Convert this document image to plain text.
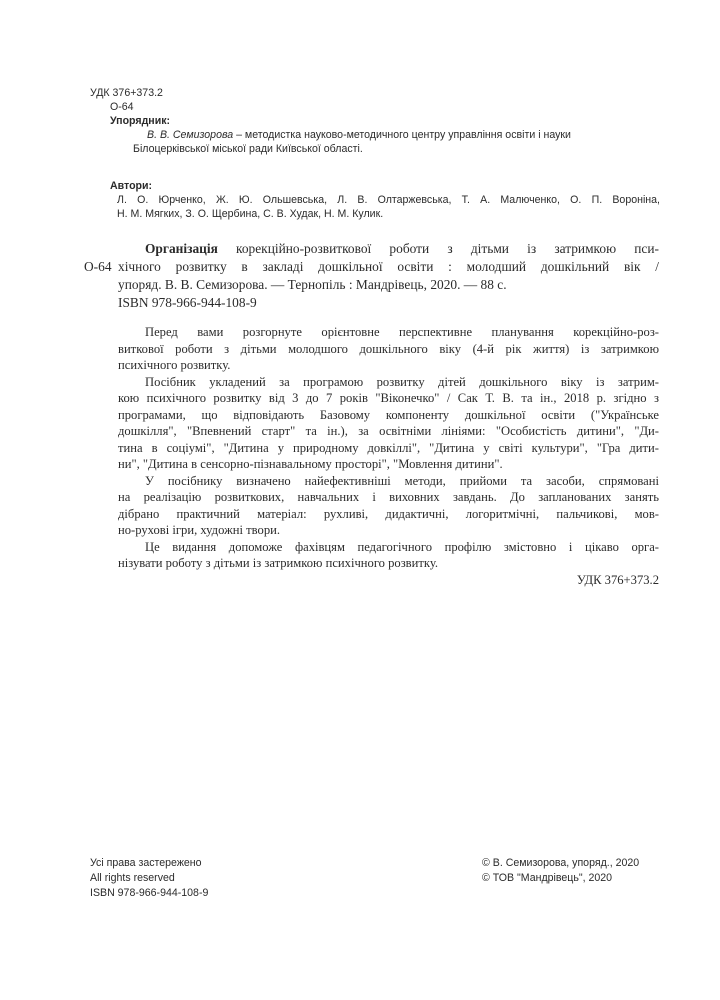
УДК 376+373.2
О-64
Упорядник:
В. В. Семизорова – методистка науково-методичного центру управління освіти і науки
Білоцерківської міської ради Київської області.
Автори:
Л. О. Юрченко, Ж. Ю. Ольшевська, Л. В. Олтаржевська, Т. А. Малюченко, О. П. Вороніна,
Н. М. Мягких, З. О. Щербина, С. В. Худак, Н. М. Кулик.
О-64
Організація корекційно-розвиткової роботи з дітьми із затримкою пси-
хічного розвитку в закладі дошкільної освіти : молодший дошкільний вік /
упоряд. В. В. Семизорова. — Тернопіль : Мандрівець, 2020. — 88 с.
ISBN 978-966-944-108-9
Перед вами розгорнуте орієнтовне перспективне планування корекційно-роз-
виткової роботи з дітьми молодшого дошкільного віку (4-й рік життя) із затримкою
психічного розвитку.
Посібник укладений за програмою розвитку дітей дошкільного віку із затрим-
кою психічного розвитку від 3 до 7 років "Віконечко" / Сак Т. В. та ін., 2018 р. згідно з
програмами, що відповідають Базовому компоненту дошкільної освіти ("Українське
дошкілля", "Впевнений старт" та ін.), за освітніми лініями: "Особистість дитини", "Ди-
тина в соціумі", "Дитина у природному довкіллі", "Дитина у світі культури", "Гра дити-
ни", "Дитина в сенсорно-пізнавальному просторі", "Мовлення дитини".
У посібнику визначено найефективніші методи, прийоми та засоби, спрямовані
на реалізацію розвиткових, навчальних і виховних завдань. До запланованих занять
дібрано практичний матеріал: рухливі, дидактичні, логоритмічні, пальчикові, мов-
но-рухові ігри, художні твори.
Це видання допоможе фахівцям педагогічного профілю змістовно і цікаво орга-
нізувати роботу з дітьми із затримкою психічного розвитку.
УДК 376+373.2
Усі права застережено
All rights reserved
ISBN 978-966-944-108-9
© В. Семизорова, упоряд., 2020
© ТОВ "Мандрівець", 2020
